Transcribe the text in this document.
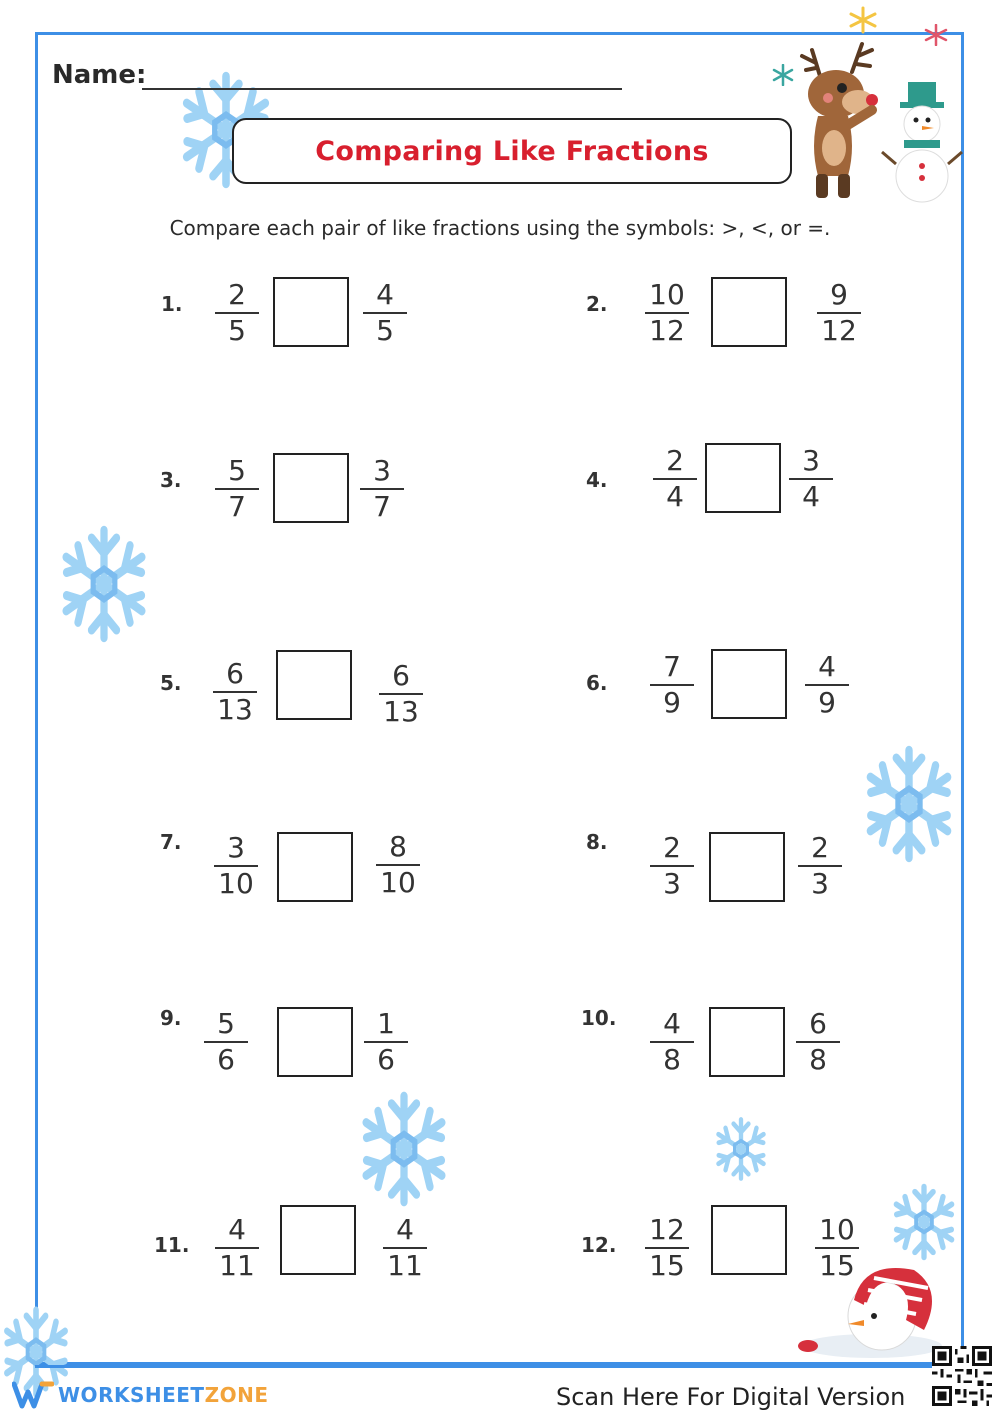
Name:
Comparing Like Fractions
Compare each pair of like fractions using the symbols: >, <, or =.
1.	2
5
4
5
2.	10
12
9
12
3.	5
7
3
7
4.
2
4
3
4
5.	6
13
6
13
6.	7
9
4
9
7.	3
10
8
10
8.	2
3
2
3
9.	5
6
1
6
10.	4
8
6
8
11.	4
11
4
11
12.	12
15
10
15
WORKSHEETZONE	Scan Here For Digital Version
